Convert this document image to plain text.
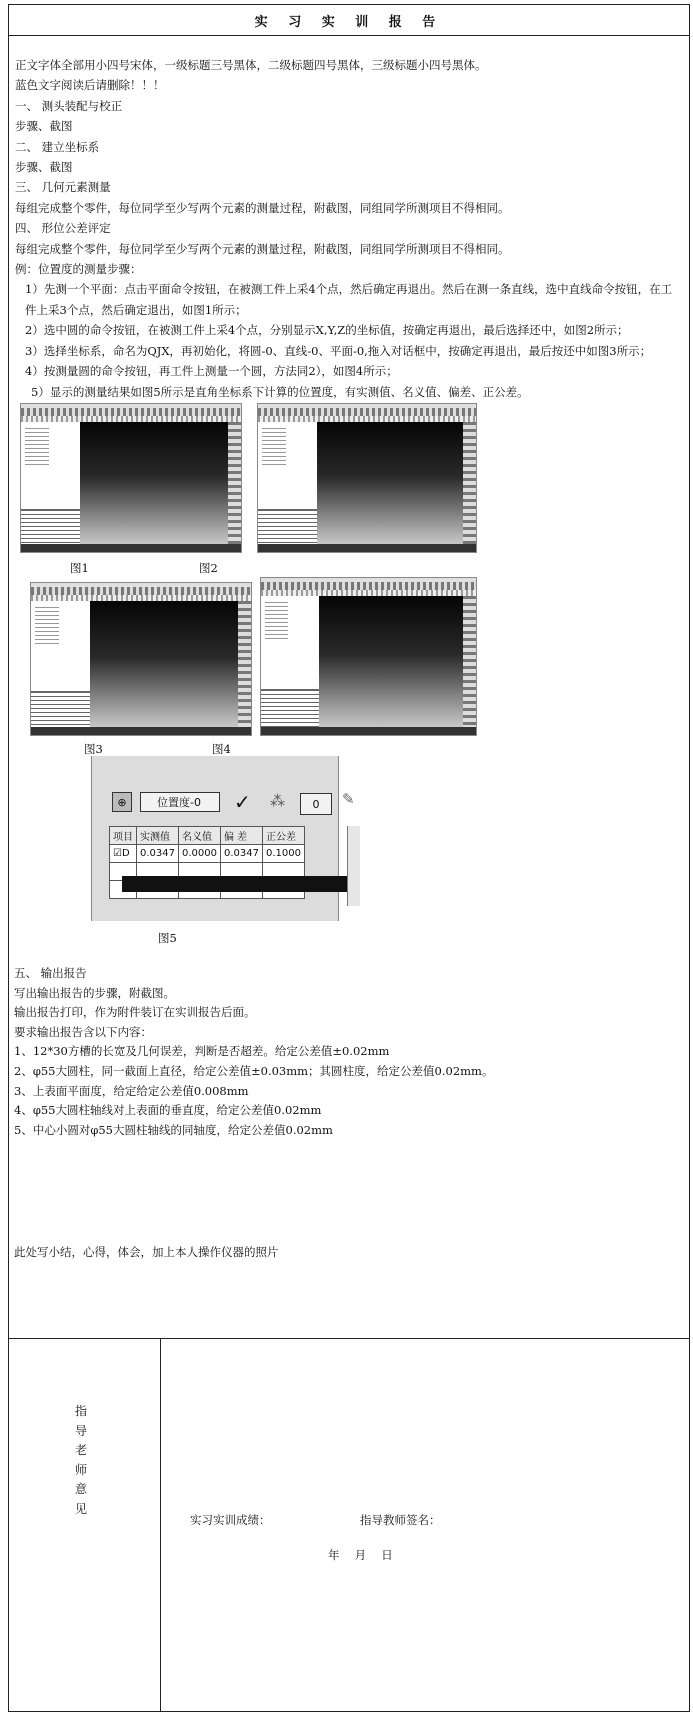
实 习 实 训 报 告

正文字体全部用小四号宋体，一级标题三号黑体，二级标题四号黑体，三级标题小四号黑体。

蓝色文字阅读后请删除！！！

一、 测头装配与校正

步骤、截图

二、 建立坐标系

步骤、截图

三、 几何元素测量

每组完成整个零件，每位同学至少写两个元素的测量过程，附截图，同组同学所测项目不得相同。

四、 形位公差评定

每组完成整个零件，每位同学至少写两个元素的测量过程，附截图，同组同学所测项目不得相同。

例：位置度的测量步骤：

1）先测一个平面：点击平面命令按钮，在被测工件上采4个点，然后确定再退出。然后在测一条直线，选中直线命令按钮，在工件上采3个点，然后确定退出，如图1所示；

2）选中圆的命令按钮，在被测工件上采4个点，分别显示X,Y,Z的坐标值，按确定再退出，最后选择还中，如图2所示；

3）选择坐标系，命名为QJX，再初始化，将圆-0、直线-0、平面-0,拖入对话框中，按确定再退出，最后按还中如图3所示；

4）按测量圆的命令按钮，再工件上测量一个圆，方法同2），如图4所示；

5）显示的测量结果如图5所示是直角坐标系下计算的位置度，有实测值、名义值、偏差、正公差。

图1	图2
图3	图4
⊕	位置度-0	✓ ⁂	0	✎
项目	实测值	名义值	偏 差	正公差
☑D	0.0347	0.0000	0.0347	0.1000

图5

五、 输出报告

写出输出报告的步骤，附截图。

输出报告打印，作为附件装订在实训报告后面。

要求输出报告含以下内容：

1、12*30方槽的长宽及几何误差，判断是否超差。给定公差值±0.02mm

2、φ55大圆柱，同一截面上直径，给定公差值±0.03mm；其圆柱度，给定公差值0.02mm。

3、上表面平面度，给定给定公差值0.008mm

4、φ55大圆柱轴线对上表面的垂直度，给定公差值0.02mm

5、中心小圆对φ55大圆柱轴线的同轴度，给定公差值0.02mm

此处写小结，心得，体会，加上本人操作仪器的照片
指
导
老
师
意
见
实习实训成绩：	指导教师签名：
年　 月　 日
